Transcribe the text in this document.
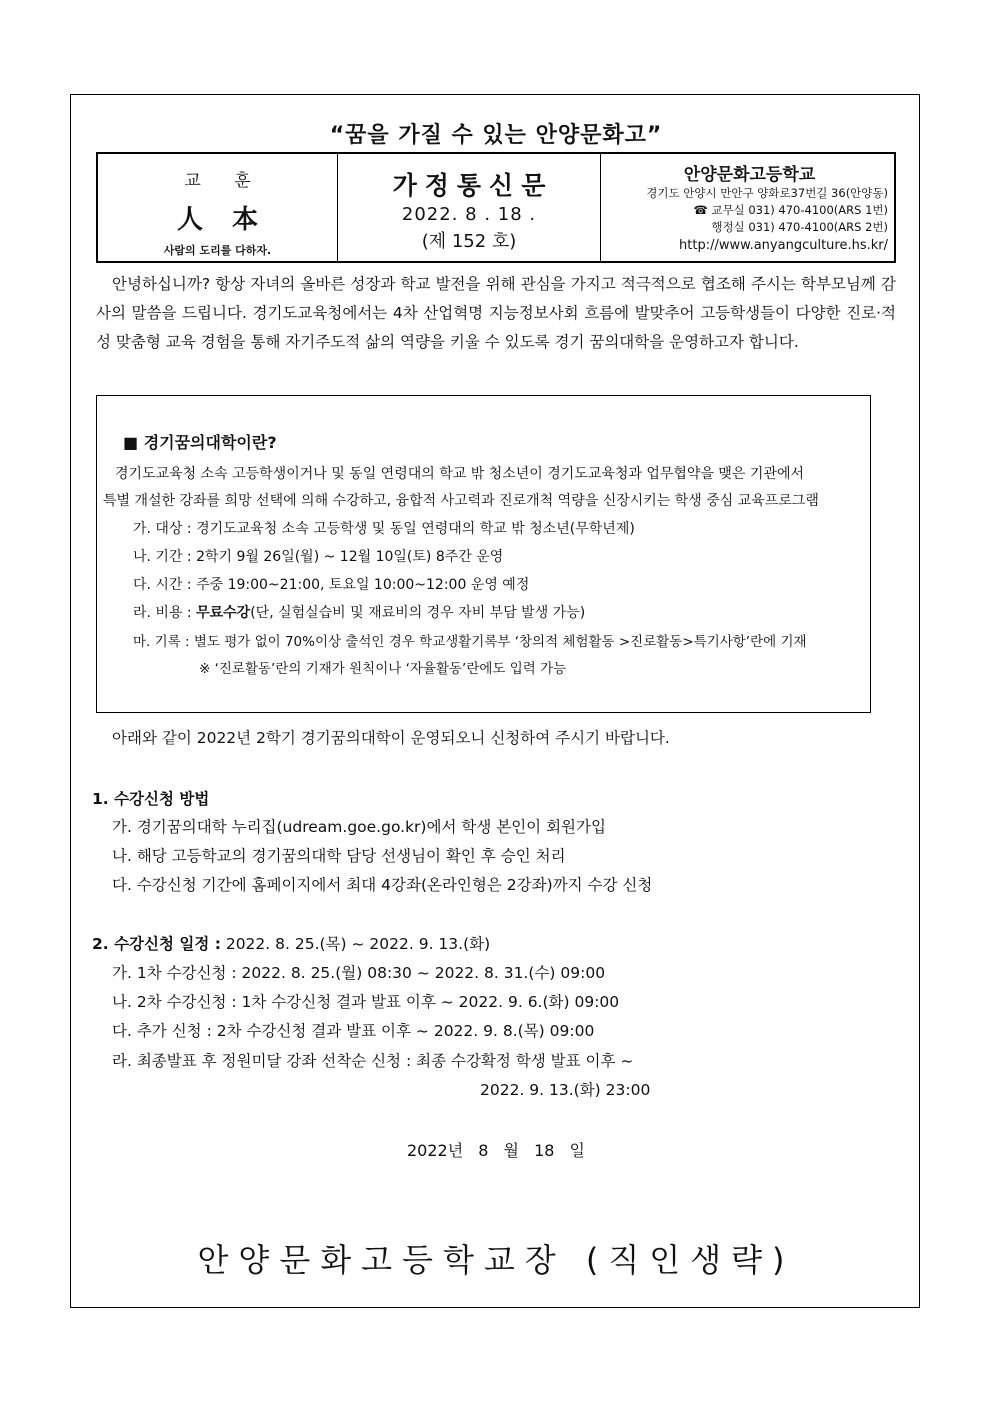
“꿈을 가질 수 있는 안양문화고”
교 훈
人 本
사람의 도리를 다하자.
가정통신문
2022. 8 . 18 .
(제 152 호)
안양문화고등학교
경기도 안양시 만안구 양화로37번길 36(안양동)
☎ 교무실 031) 470-4100(ARS 1번)
행정실 031) 470-4100(ARS 2번)
http://www.anyangculture.hs.kr/
안녕하십니까? 항상 자녀의 올바른 성장과 학교 발전을 위해 관심을 가지고 적극적으로 협조해 주시는 학부모님께 감사의 말씀을 드립니다. 경기도교육청에서는 4차 산업혁명 지능정보사회 흐름에 발맞추어 고등학생들이 다양한 진로·적성 맞춤형 교육 경험을 통해 자기주도적 삶의 역량을 키울 수 있도록 경기 꿈의대학을 운영하고자 합니다.
■ 경기꿈의대학이란?
경기도교육청 소속 고등학생이거나 및 동일 연령대의 학교 밖 청소년이 경기도교육청과 업무협약을 맺은 기관에서
특별 개설한 강좌를 희망 선택에 의해 수강하고, 융합적 사고력과 진로개척 역량을 신장시키는 학생 중심 교육프로그램
가. 대상 : 경기도교육청 소속 고등학생 및 동일 연령대의 학교 밖 청소년(무학년제)
나. 기간 : 2학기 9월 26일(월) ~ 12월 10일(토) 8주간 운영
다. 시간 : 주중 19:00~21:00, 토요일 10:00~12:00 운영 예정
라. 비용 : 무료수강(단, 실험실습비 및 재료비의 경우 자비 부담 발생 가능)
마. 기록 : 별도 평가 없이 70%이상 출석인 경우 학교생활기록부 ‘창의적 체험활동 >진로활동>특기사항’란에 기재
※ ‘진로활동’란의 기재가 원칙이나 ‘자율활동’란에도 입력 가능
아래와 같이 2022년 2학기 경기꿈의대학이 운영되오니 신청하여 주시기 바랍니다.
1. 수강신청 방법
가. 경기꿈의대학 누리집(udream.goe.go.kr)에서 학생 본인이 회원가입
나. 해당 고등학교의 경기꿈의대학 담당 선생님이 확인 후 승인 처리
다. 수강신청 기간에 홈페이지에서 최대 4강좌(온라인형은 2강좌)까지 수강 신청
2. 수강신청 일정 : 2022. 8. 25.(목) ~ 2022. 9. 13.(화)
가. 1차 수강신청 : 2022. 8. 25.(월) 08:30 ~ 2022. 8. 31.(수) 09:00
나. 2차 수강신청 : 1차 수강신청 결과 발표 이후 ~ 2022. 9. 6.(화) 09:00
다. 추가 신청 : 2차 수강신청 결과 발표 이후 ~ 2022. 9. 8.(목) 09:00
라. 최종발표 후 정원미달 강좌 선착순 신청 : 최종 수강확정 학생 발표 이후 ~
2022. 9. 13.(화) 23:00
2022년 8 월 18 일
안양문화고등학교장 (직인생략)
